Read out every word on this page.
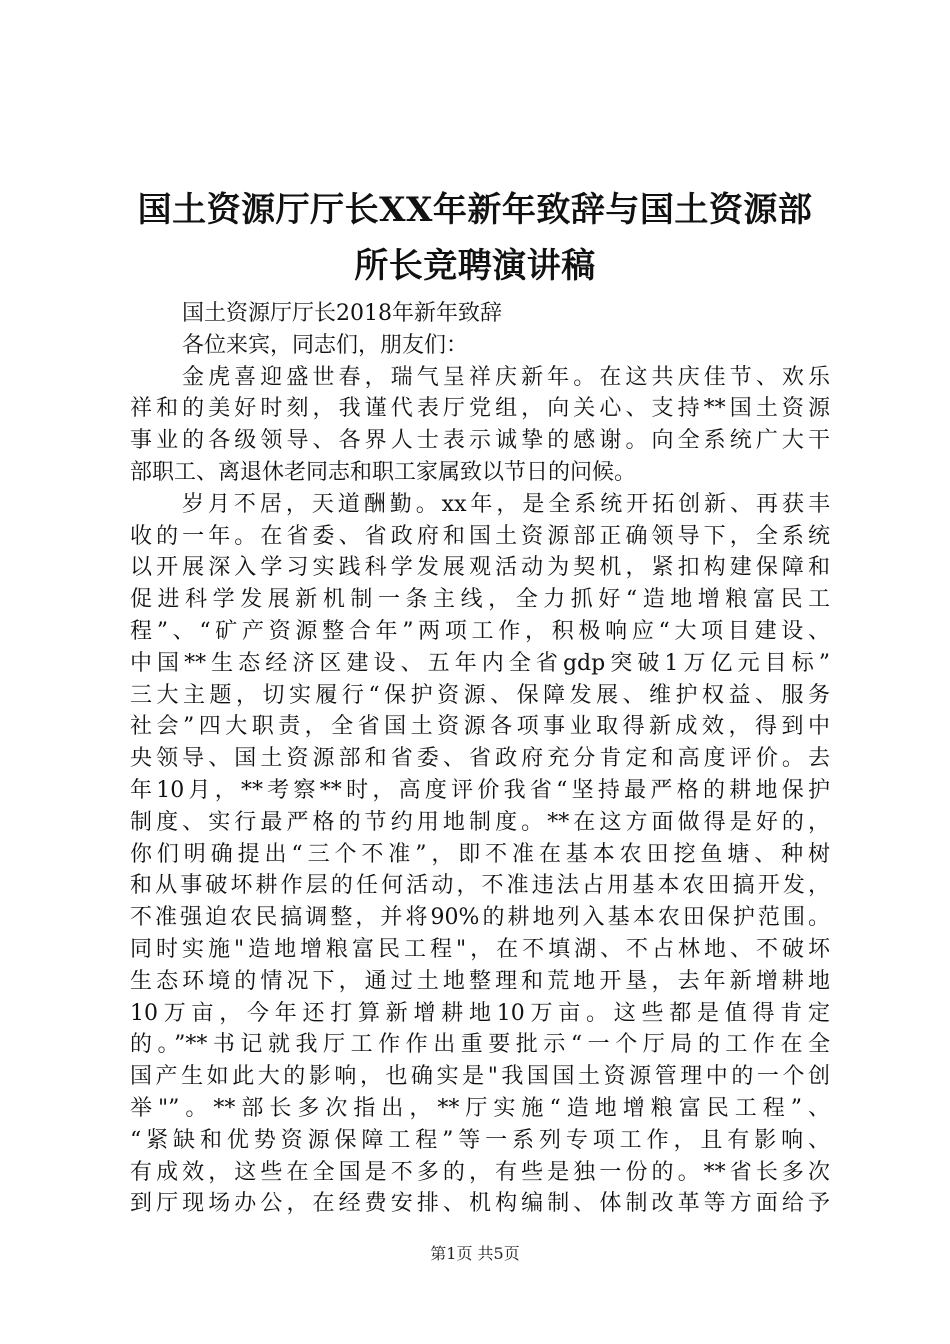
国土资源厅厅长XX年新年致辞与国土资源部
所长竞聘演讲稿
国土资源厅厅长2018年新年致辞
各位来宾，同志们，朋友们：
金虎喜迎盛世春，瑞气呈祥庆新年。在这共庆佳节、欢乐
祥和的美好时刻，我谨代表厅党组，向关心、支持**国土资源
事业的各级领导、各界人士表示诚挚的感谢。向全系统广大干
部职工、离退休老同志和职工家属致以节日的问候。
岁月不居，天道酬勤。xx年，是全系统开拓创新、再获丰
收的一年。在省委、省政府和国土资源部正确领导下，全系统
以开展深入学习实践科学发展观活动为契机，紧扣构建保障和
促进科学发展新机制一条主线，全力抓好“造地增粮富民工
程”、“矿产资源整合年”两项工作，积极响应“大项目建设、
中国**生态经济区建设、五年内全省gdp突破1万亿元目标”
三大主题，切实履行“保护资源、保障发展、维护权益、服务
社会”四大职责，全省国土资源各项事业取得新成效，得到中
央领导、国土资源部和省委、省政府充分肯定和高度评价。去
年10月，**考察**时，高度评价我省“坚持最严格的耕地保护
制度、实行最严格的节约用地制度。**在这方面做得是好的，
你们明确提出“三个不准”，即不准在基本农田挖鱼塘、种树
和从事破坏耕作层的任何活动，不准违法占用基本农田搞开发，
不准强迫农民搞调整，并将90%的耕地列入基本农田保护范围。
同时实施"造地增粮富民工程"，在不填湖、不占林地、不破坏
生态环境的情况下，通过土地整理和荒地开垦，去年新增耕地
10万亩，今年还打算新增耕地10万亩。这些都是值得肯定
的。”**书记就我厅工作作出重要批示“一个厅局的工作在全
国产生如此大的影响，也确实是"我国国土资源管理中的一个创
举"”。**部长多次指出，**厅实施“造地增粮富民工程”、
“紧缺和优势资源保障工程”等一系列专项工作，且有影响、
有成效，这些在全国是不多的，有些是独一份的。**省长多次
到厅现场办公，在经费安排、机构编制、体制改革等方面给予
第1页 共5页
